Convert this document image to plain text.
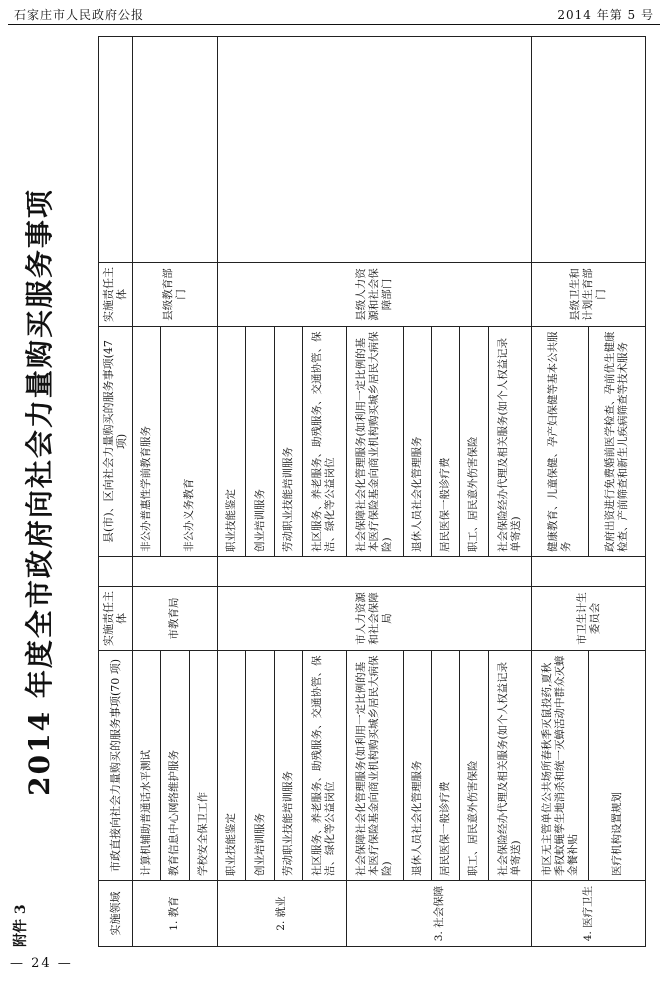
石家庄市人民政府公报	2014 年第 5 号
附件 3
2014 年度全市政府向社会力量购买服务事项
实施领域	市政直接向社会力量购买的服务事项(70 项)	实施责任主体		县(市)、区向社会力量购买的服务事项(47 项)	实施责任主体	
1. 教育	计算机辅助普通话水平测试	市教育局		非公办普惠性学前教育服务	县级教育部门	
	教育信息中心网络维护服务			非公办义务教育		
	学校安全保卫工作					
2. 就业	职业技能鉴定	市人力资源和社会保障局		职业技能鉴定	县级人力资源和社会保障部门	
	创业培训服务			创业培训服务		
	劳动职业技能培训服务			劳动职业技能培训服务		
	社区服务、养老服务、助残服务、交通协管、保洁、绿化等公益岗位			社区服务、养老服务、助残服务、交通协管、保洁、绿化等公益岗位		
3. 社会保障	社会保障社会化管理服务(如利用一定比例的基本医疗保险基金向商业机构购买城乡居民大病保险)			社会保障社会化管理服务(如利用一定比例的基本医疗保险基金向商业机构购买城乡居民大病保险)		
	退休人员社会化管理服务			退休人员社会化管理服务		
	居民医保一般诊疗费			居民医保一般诊疗费		
	职工、居民意外伤害保险			职工、居民意外伤害保险		
	社会保险经办代理及相关服务(如个人权益记录单寄送)			社会保险经办代理及相关服务(如个人权益记录单寄送)		
4. 医疗卫生	市区无主管单位公共场所春秋季灭鼠投药,夏秋季权蚊蝇孳生地消杀和统一灭蟑活动中群众灭蟑金餐补贴	市卫生计生委员会		健康教育、儿童保健、孕产妇保健等基本公共服务	县级卫生和计划生育部门	
	医疗机构设置规划			政府出资进行免费婚前医学检查、孕前优生健康检查、产前筛查和新生儿疾病筛查等技术服务		
— 24 —
